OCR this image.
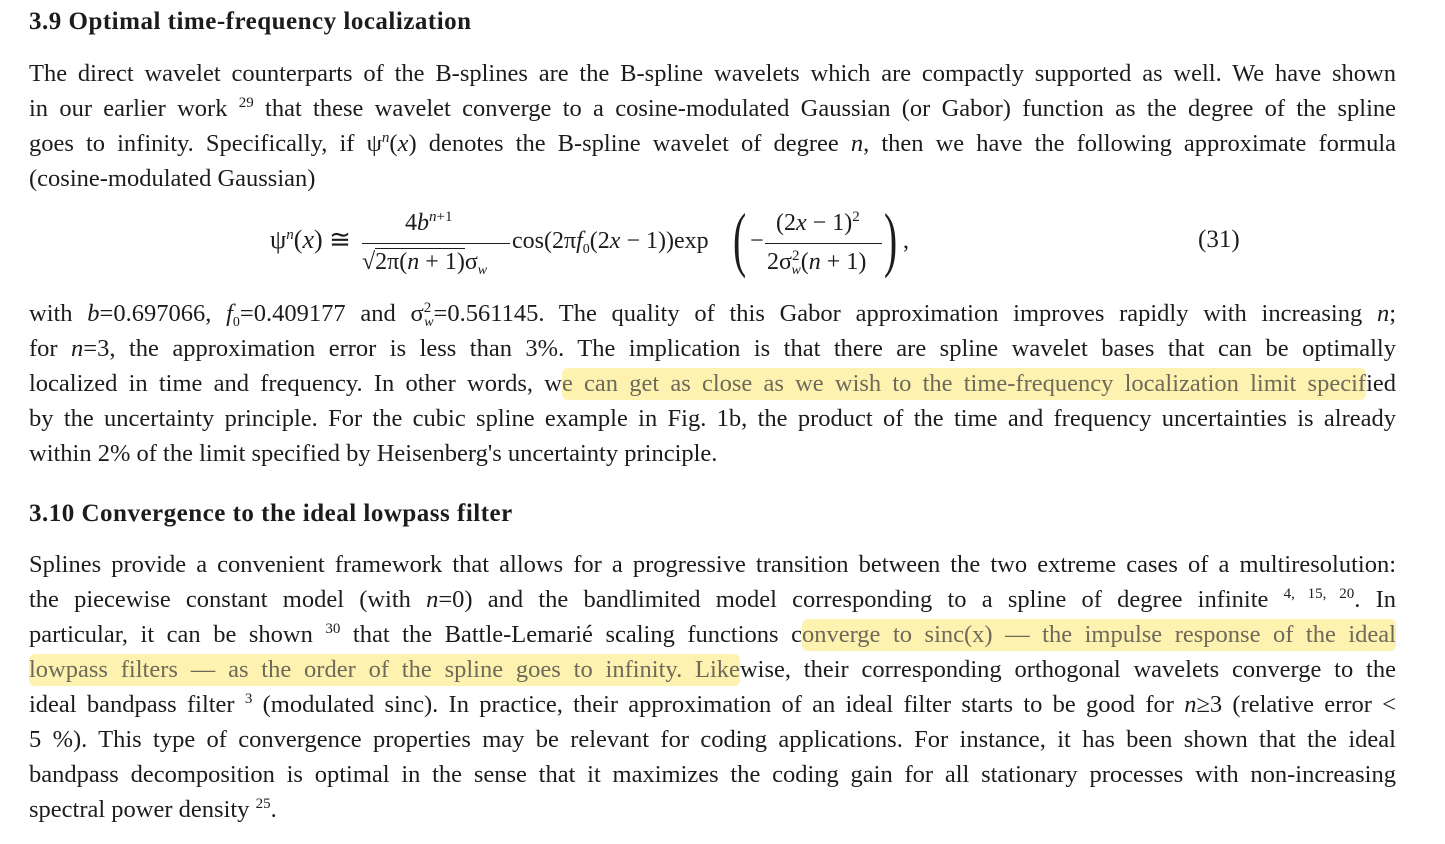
3.9 Optimal time-frequency localization
The direct wavelet counterparts of the B-splines are the B-spline wavelets which are compactly supported as well. We have shown
in our earlier work $^{29}$ that these wavelet converge to a cosine-modulated Gaussian (or Gabor) function as the degree of the spline
goes to infinity. Specifically, if $\psi^n(x)$ denotes the B-spline wavelet of degree n, then we have the following approximate formula
(cosine-modulated Gaussian)
$\psi^n(x)$ ≅
$4b^{n+1}$
$√2\pi(n + 1)\sigma_w$
$\cos(2\pi f_0(2x - 1))\exp$ ( −
$(2x - 1)^2$
$2\sigma^2_w(n + 1)$ ) ,	(31)
with b=0.697066, $f_0=0.409177$ and $\sigma^2_w=0.561145$. The quality of this Gabor approximation improves rapidly with increasing n;
for n=3, the approximation error is less than 3%. The implication is that there are spline wavelet bases that can be optimally
localized in time and frequency. In other words, we can get as close as we wish to the time-frequency localization limit specified
by the uncertainty principle. For the cubic spline example in Fig. 1b, the product of the time and frequency uncertainties is already
within 2% of the limit specified by Heisenberg's uncertainty principle.
3.10 Convergence to the ideal lowpass filter
Splines provide a convenient framework that allows for a progressive transition between the two extreme cases of a multiresolution:
the piecewise constant model (with n=0) and the bandlimited model corresponding to a spline of degree infinite $^{4, 15, 20}$. In
particular, it can be shown $^{30}$ that the Battle-Lemarié scaling functions converge to sinc(x) — the impulse response of the ideal
lowpass filters — as the order of the spline goes to infinity. Likewise, their corresponding orthogonal wavelets converge to the
ideal bandpass filter $^3$ (modulated sinc). In practice, their approximation of an ideal filter starts to be good for n≥3 (relative error <
5 %). This type of convergence properties may be relevant for coding applications. For instance, it has been shown that the ideal
bandpass decomposition is optimal in the sense that it maximizes the coding gain for all stationary processes with non-increasing
spectral power density $^{25}$.
